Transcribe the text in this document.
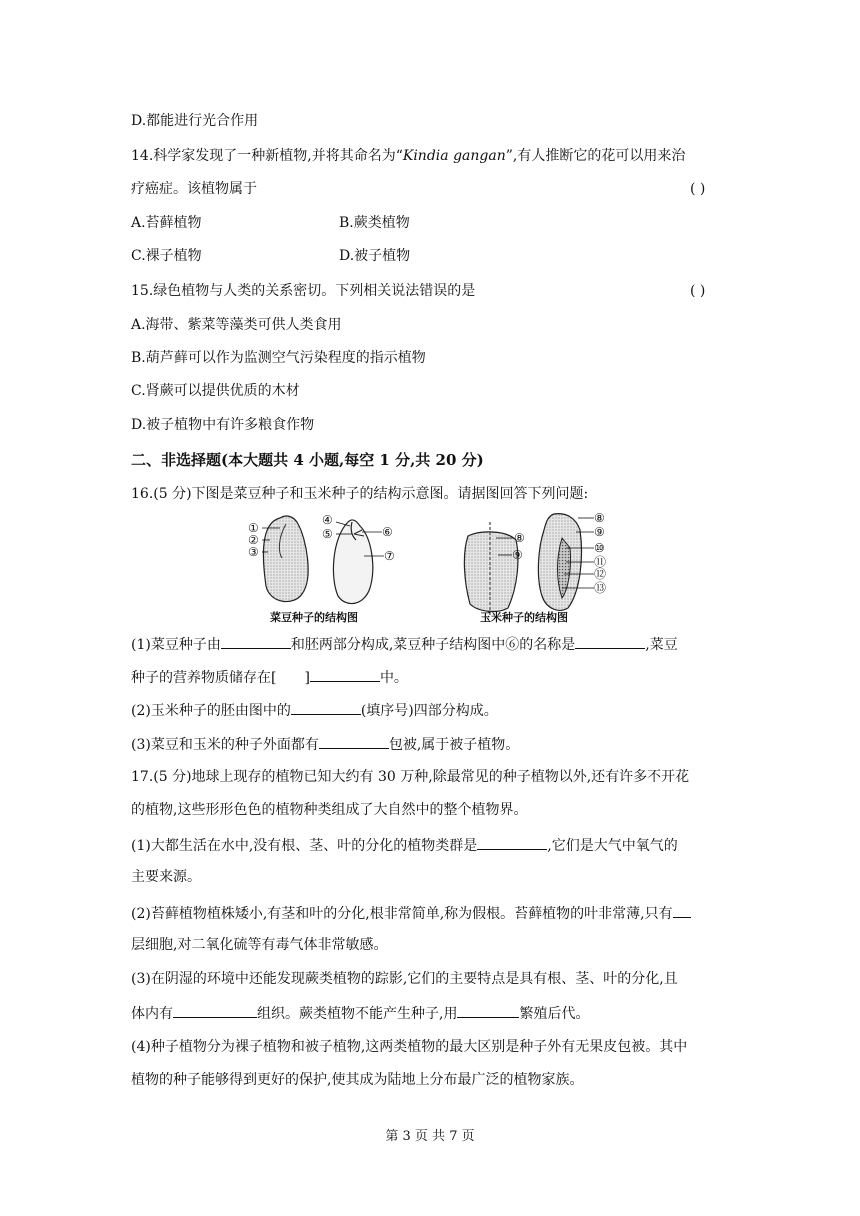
D.都能进行光合作用
14.科学家发现了一种新植物,并将其命名为“Kindia gangan”,有人推断它的花可以用来治
疗癌症。该植物属于	( )
A.苔藓植物	B.蕨类植物
C.裸子植物	D.被子植物
15.绿色植物与人类的关系密切。下列相关说法错误的是	( )
A.海带、紫菜等藻类可供人类食用
B.葫芦藓可以作为监测空气污染程度的指示植物
C.肾蕨可以提供优质的木材
D.被子植物中有许多粮食作物
二、非选择题(本大题共 4 小题,每空 1 分,共 20 分)
16.(5 分)下图是菜豆种子和玉米种子的结构示意图。请据图回答下列问题:
①
②
③
④
⑤	⑥
⑦
⑧
⑨
⑧
⑨
⑩
⑪
⑫
⑬
菜豆种子的结构图	玉米种子的结构图
(1)菜豆种子由	和胚两部分构成,菜豆种子结构图中⑥的名称是	,菜豆
种子的营养物质储存在[ ]	中。
(2)玉米种子的胚由图中的	(填序号)四部分构成。
(3)菜豆和玉米的种子外面都有	包被,属于被子植物。
17.(5 分)地球上现存的植物已知大约有 30 万种,除最常见的种子植物以外,还有许多不开花
的植物,这些形形色色的植物种类组成了大自然中的整个植物界。
(1)大都生活在水中,没有根、茎、叶的分化的植物类群是	,它们是大气中氧气的
主要来源。
(2)苔藓植物植株矮小,有茎和叶的分化,根非常简单,称为假根。苔藓植物的叶非常薄,只有
层细胞,对二氧化硫等有毒气体非常敏感。
(3)在阴湿的环境中还能发现蕨类植物的踪影,它们的主要特点是具有根、茎、叶的分化,且
体内有	组织。蕨类植物不能产生种子,用	繁殖后代。
(4)种子植物分为裸子植物和被子植物,这两类植物的最大区别是种子外有无果皮包被。其中
植物的种子能够得到更好的保护,使其成为陆地上分布最广泛的植物家族。
第 3 页 共 7 页
